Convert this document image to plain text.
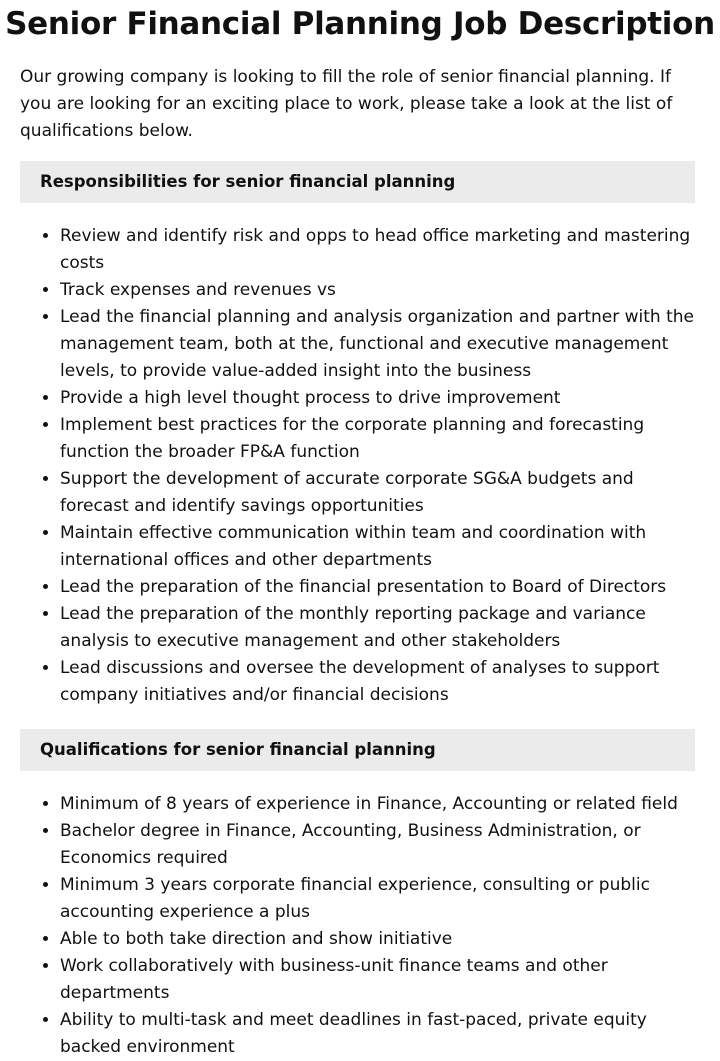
Senior Financial Planning Job Description

Our growing company is looking to fill the role of senior financial planning. If you are looking for an exciting place to work, please take a look at the list of qualifications below.

Responsibilities for senior financial planning
• Review and identify risk and opps to head office marketing and mastering costs
• Track expenses and revenues vs
• Lead the financial planning and analysis organization and partner with the management team, both at the, functional and executive management levels, to provide value-added insight into the business
• Provide a high level thought process to drive improvement
• Implement best practices for the corporate planning and forecasting function the broader FP&A function
• Support the development of accurate corporate SG&A budgets and forecast and identify savings opportunities
• Maintain effective communication within team and coordination with international offices and other departments
• Lead the preparation of the financial presentation to Board of Directors
• Lead the preparation of the monthly reporting package and variance analysis to executive management and other stakeholders
• Lead discussions and oversee the development of analyses to support company initiatives and/or financial decisions
Qualifications for senior financial planning
• Minimum of 8 years of experience in Finance, Accounting or related field
• Bachelor degree in Finance, Accounting, Business Administration, or Economics required
• Minimum 3 years corporate financial experience, consulting or public accounting experience a plus
• Able to both take direction and show initiative
• Work collaboratively with business-unit finance teams and other departments
• Ability to multi-task and meet deadlines in fast-paced, private equity backed environment
